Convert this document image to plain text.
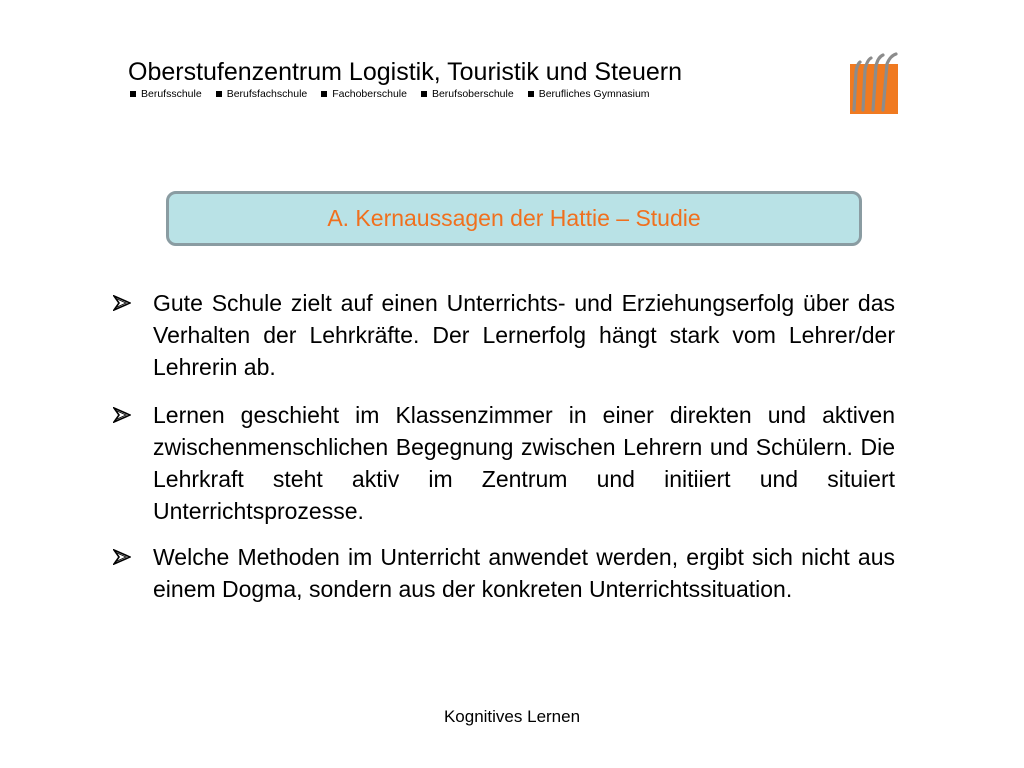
Oberstufenzentrum Logistik, Touristik und Steuern
Berufsschule Berufsfachschule Fachoberschule Berufsoberschule Berufliches Gymnasium
A. Kernaussagen der Hattie – Studie
Gute Schule zielt auf einen Unterrichts- und Erziehungserfolg über das Verhalten der Lehrkräfte. Der Lernerfolg hängt stark vom Lehrer/der Lehrerin ab.
Lernen geschieht im Klassenzimmer in einer direkten und aktiven zwischenmenschlichen Begegnung zwischen Lehrern und Schülern. Die Lehrkraft steht aktiv im Zentrum und initiiert und situiert Unterrichtsprozesse.
Welche Methoden im Unterricht anwendet werden, ergibt sich nicht aus einem Dogma, sondern aus der konkreten Unterrichtssituation.
Kognitives Lernen
